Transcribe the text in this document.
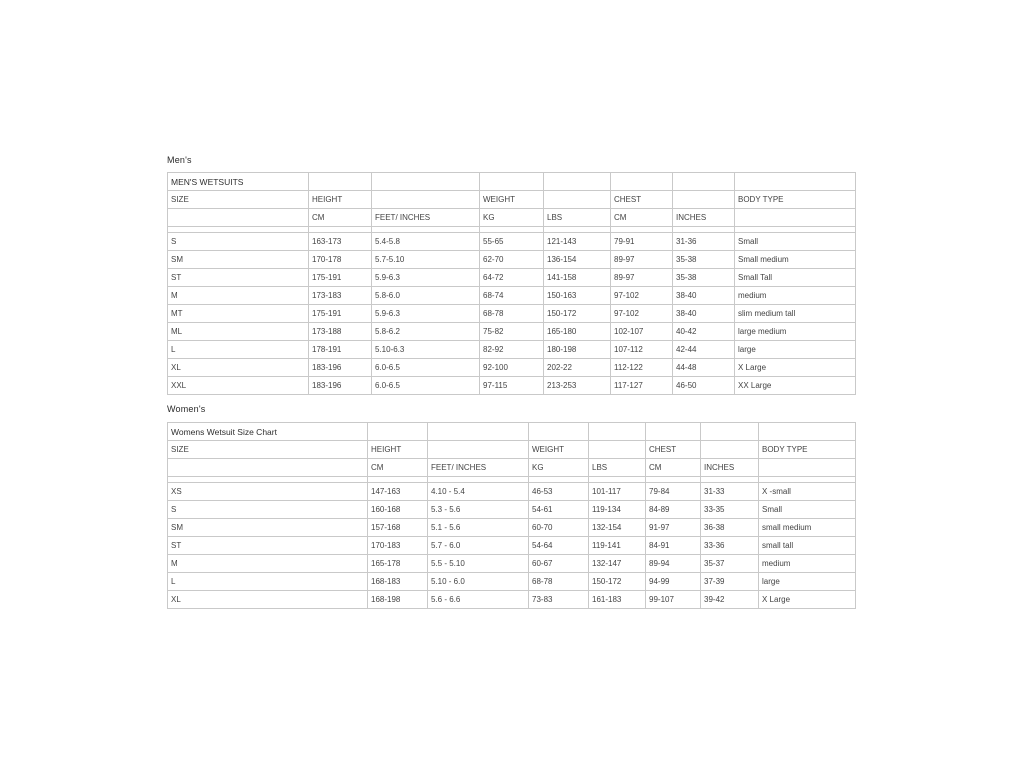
Men's
MEN'S WETSUITS							
SIZE	HEIGHT		WEIGHT		CHEST		BODY TYPE
	CM	FEET/ INCHES	KG	LBS	CM	INCHES	

S	163-173	5.4-5.8	55-65	121-143	79-91	31-36	Small
SM	170-178	5.7-5.10	62-70	136-154	89-97	35-38	Small medium
ST	175-191	5.9-6.3	64-72	141-158	89-97	35-38	Small Tall
M	173-183	5.8-6.0	68-74	150-163	97-102	38-40	medium
MT	175-191	5.9-6.3	68-78	150-172	97-102	38-40	slim medium tall
ML	173-188	5.8-6.2	75-82	165-180	102-107	40-42	large medium
L	178-191	5.10-6.3	82-92	180-198	107-112	42-44	large
XL	183-196	6.0-6.5	92-100	202-22	112-122	44-48	X Large
XXL	183-196	6.0-6.5	97-115	213-253	117-127	46-50	XX Large
Women's
Womens Wetsuit Size Chart							
SIZE	HEIGHT		WEIGHT		CHEST		BODY TYPE
	CM	FEET/ INCHES	KG	LBS	CM	INCHES	

XS	147-163	4.10 - 5.4	46-53	101-117	79-84	31-33	X -small
S	160-168	5.3 - 5.6	54-61	119-134	84-89	33-35	Small
SM	157-168	5.1 - 5.6	60-70	132-154	91-97	36-38	small medium
ST	170-183	5.7 - 6.0	54-64	119-141	84-91	33-36	small tall
M	165-178	5.5 - 5.10	60-67	132-147	89-94	35-37	medium
L	168-183	5.10 - 6.0	68-78	150-172	94-99	37-39	large
XL	168-198	5.6 - 6.6	73-83	161-183	99-107	39-42	X Large
